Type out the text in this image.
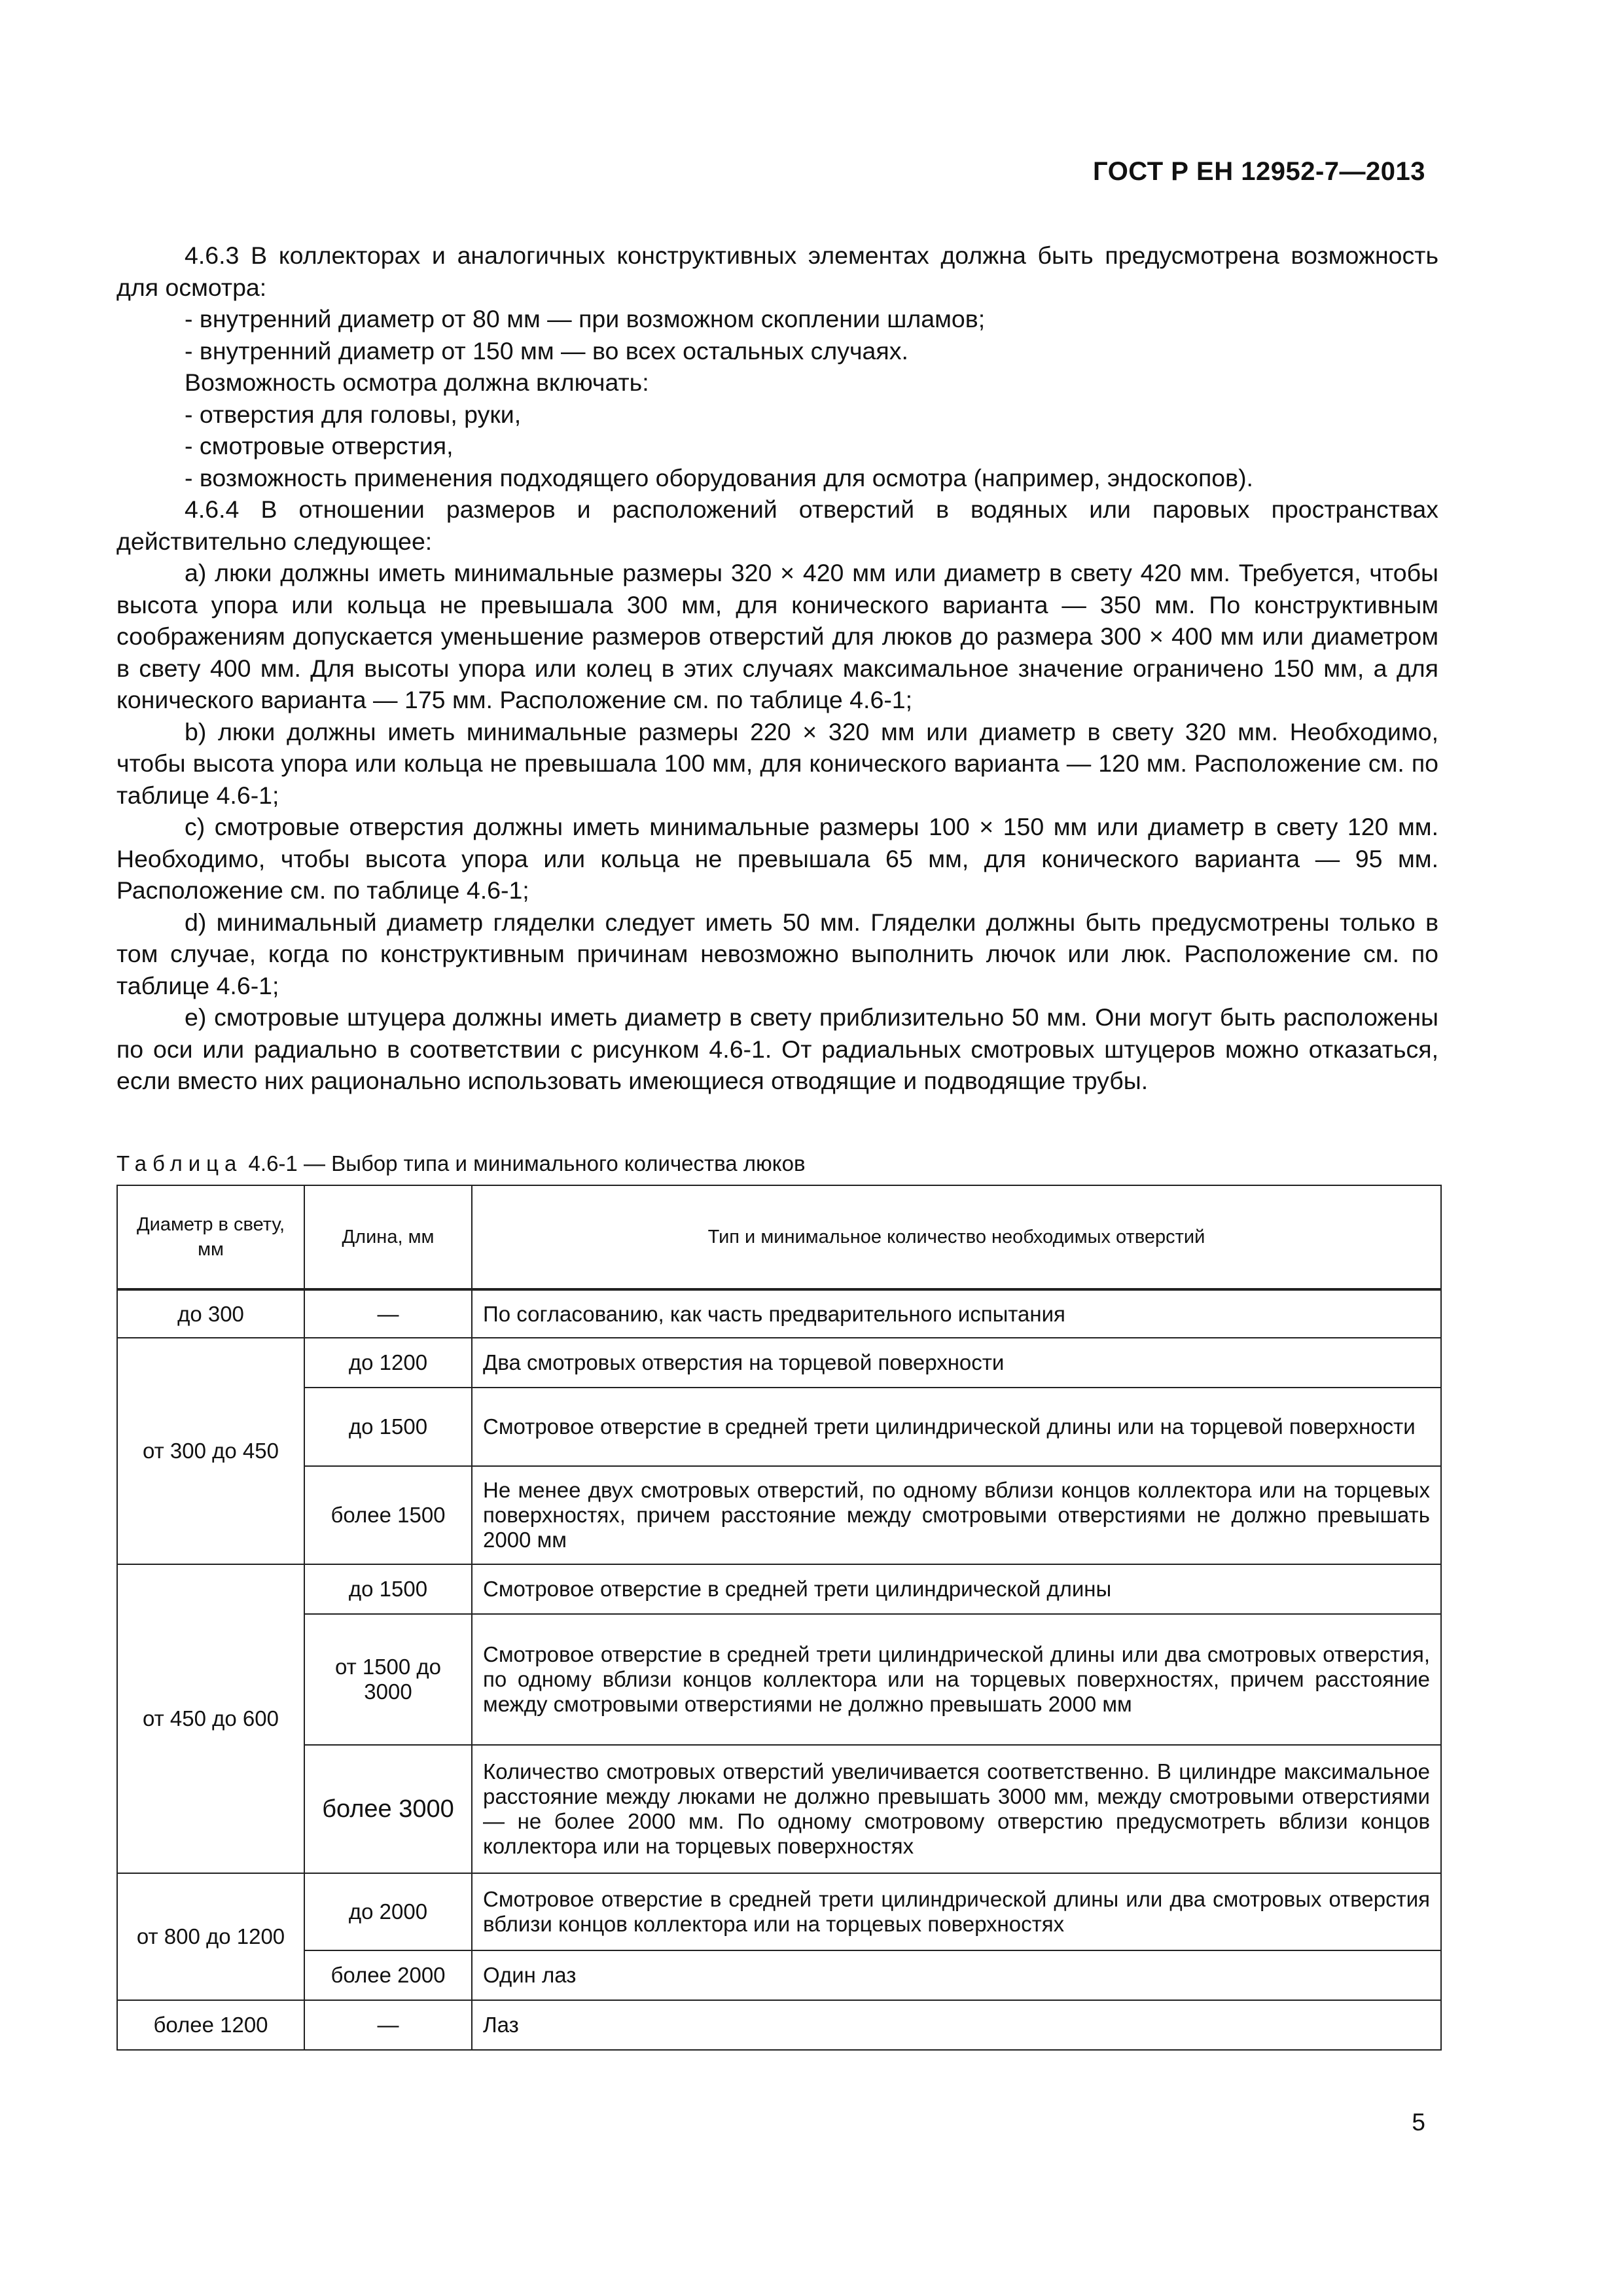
ГОСТ Р ЕН 12952-7—2013

4.6.3 В коллекторах и аналогичных конструктивных элементах должна быть предусмотрена возможность для осмотра:

- внутренний диаметр от 80 мм — при возможном скоплении шламов;

- внутренний диаметр от 150 мм — во всех остальных случаях.

Возможность осмотра должна включать:

- отверстия для головы, руки,

- смотровые отверстия,

- возможность применения подходящего оборудования для осмотра (например, эндоскопов).

4.6.4 В отношении размеров и расположений отверстий в водяных или паровых пространствах действительно следующее:

a) люки должны иметь минимальные размеры 320 × 420 мм или диаметр в свету 420 мм. Требуется, чтобы высота упора или кольца не превышала 300 мм, для конического варианта — 350 мм. По конструктивным соображениям допускается уменьшение размеров отверстий для люков до размера 300 × 400 мм или диаметром в свету 400 мм. Для высоты упора или колец в этих случаях максимальное значение ограничено 150 мм, а для конического варианта — 175 мм. Расположение см. по таблице 4.6-1;

b) люки должны иметь минимальные размеры 220 × 320 мм или диаметр в свету 320 мм. Необходимо, чтобы высота упора или кольца не превышала 100 мм, для конического варианта — 120 мм. Расположение см. по таблице 4.6-1;

c) смотровые отверстия должны иметь минимальные размеры 100 × 150 мм или диаметр в свету 120 мм. Необходимо, чтобы высота упора или кольца не превышала 65 мм, для конического варианта — 95 мм. Расположение см. по таблице 4.6-1;

d) минимальный диаметр гляделки следует иметь 50 мм. Гляделки должны быть предусмотрены только в том случае, когда по конструктивным причинам невозможно выполнить лючок или люк. Расположение см. по таблице 4.6-1;

e) смотровые штуцера должны иметь диаметр в свету приблизительно 50 мм. Они могут быть расположены по оси или радиально в соответствии с рисунком 4.6-1. От радиальных смотровых штуцеров можно отказаться, если вместо них рационально использовать имеющиеся отводящие и подводящие трубы.

Таблица 4.6-1 — Выбор типа и минимального количества люков
Диаметр в свету, мм	Длина, мм	Тип и минимальное количество необходимых отверстий
до 300	—	По согласованию, как часть предварительного испытания
от 300 до 450	до 1200	Два смотровых отверстия на торцевой поверхности
	до 1500	Смотровое отверстие в средней трети цилиндрической длины или на торцевой поверхности
	более 1500	Не менее двух смотровых отверстий, по одному вблизи концов коллектора или на торцевых поверхностях, причем расстояние между смотровыми отверстиями не должно превышать 2000 мм
от 450 до 600	до 1500	Смотровое отверстие в средней трети цилиндрической длины
	от 1500 до 3000	Смотровое отверстие в средней трети цилиндрической длины или два смотровых отверстия, по одному вблизи концов коллектора или на торцевых поверхностях, причем расстояние между смотровыми отверстиями не должно превышать 2000 мм
	более 3000	Количество смотровых отверстий увеличивается соответственно. В цилиндре максимальное расстояние между люками не должно превышать 3000 мм, между смотровыми отверстиями — не более 2000 мм. По одному смотровому отверстию предусмотреть вблизи концов коллектора или на торцевых поверхностях
от 800 до 1200	до 2000	Смотровое отверстие в средней трети цилиндрической длины или два смотровых отверстия вблизи концов коллектора или на торцевых поверхностях
	более 2000	Один лаз
более 1200	—	Лаз
5
